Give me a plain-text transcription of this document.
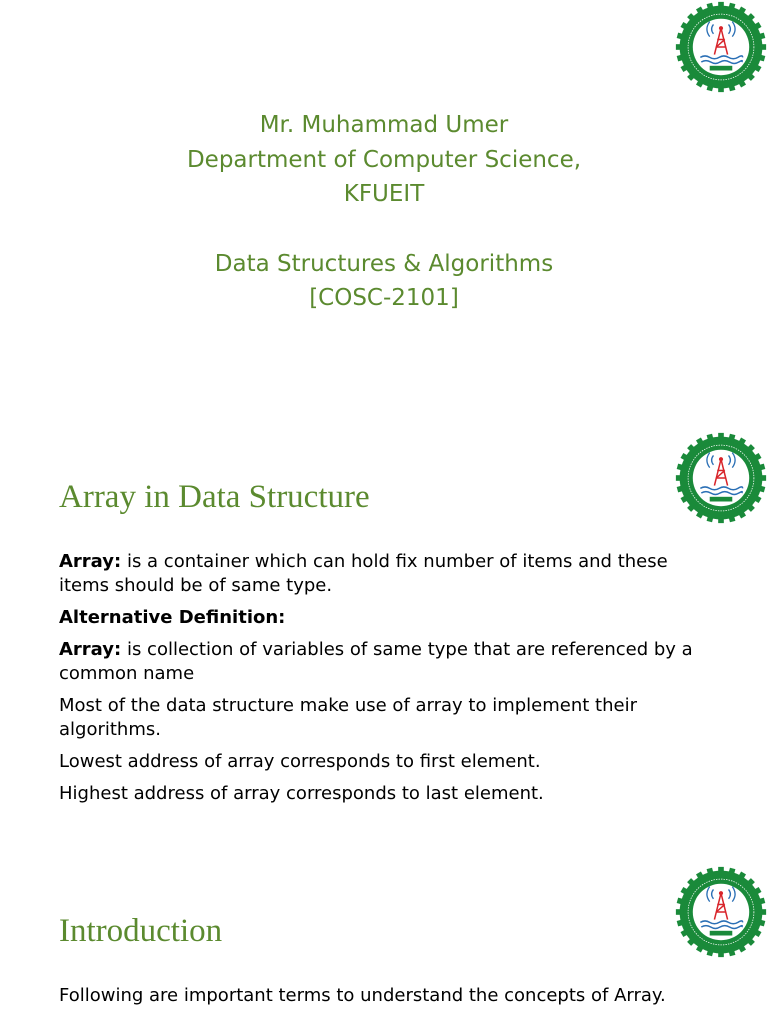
Mr. Muhammad Umer
Department of Computer Science,
KFUEIT
Data Structures & Algorithms
[COSC-2101]
Array in Data Structure

Array: is a container which can hold fix number of items and these items should be of same type.

Alternative Definition:

Array: is collection of variables of same type that are referenced by a common name

Most of the data structure make use of array to implement their algorithms.

Lowest address of array corresponds to first element.

Highest address of array corresponds to last element.

Introduction

Following are important terms to understand the concepts of Array.
